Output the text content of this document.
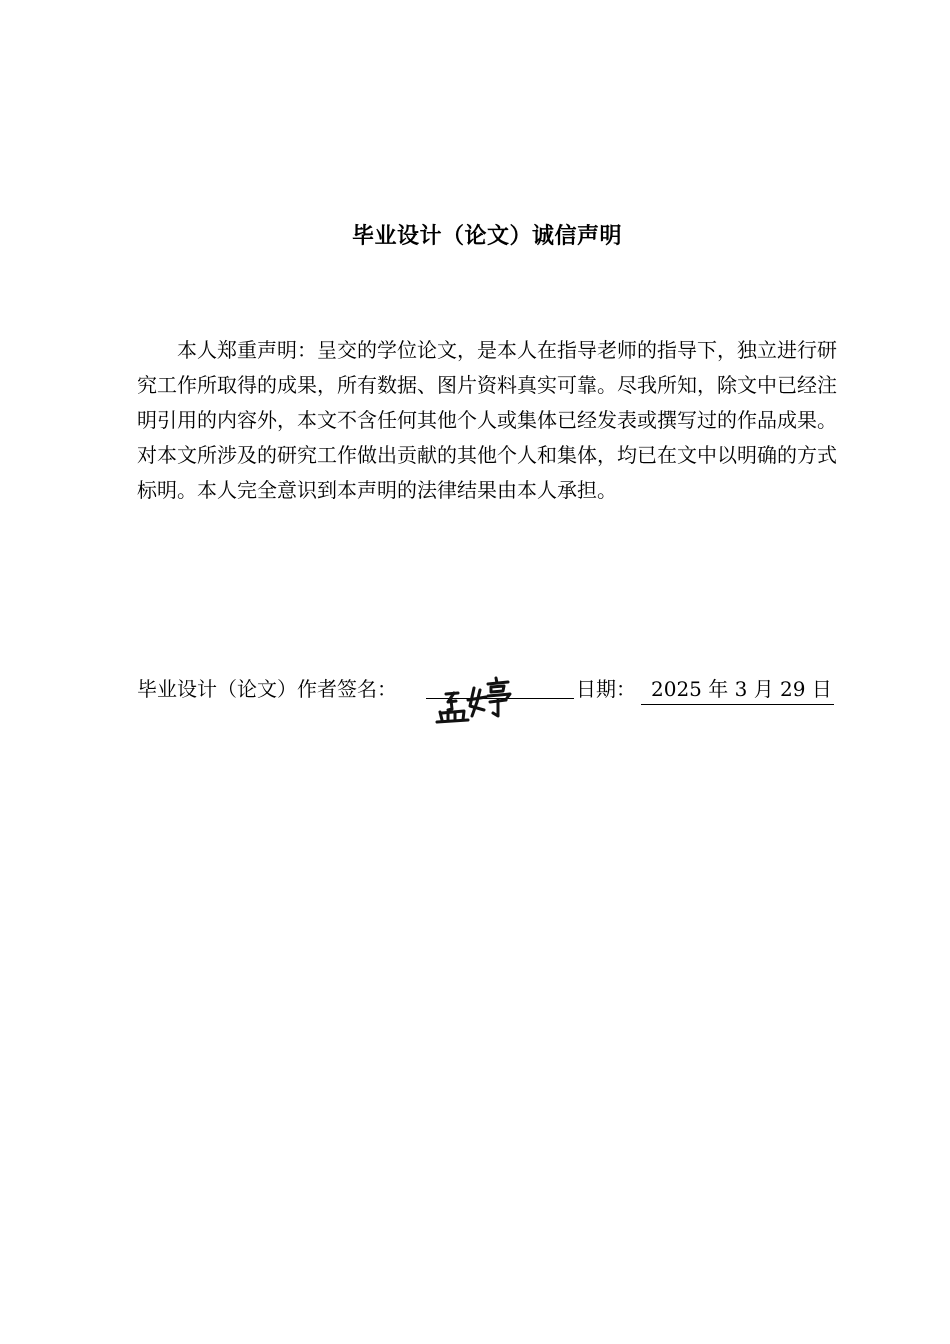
毕业设计（论文）诚信声明

本人郑重声明：呈交的学位论文，是本人在指导老师的指导下，独立进行研究工作所取得的成果，所有数据、图片资料真实可靠。尽我所知，除文中已经注明引用的内容外，本文不含任何其他个人或集体已经发表或撰写过的作品成果。对本文所涉及的研究工作做出贡献的其他个人和集体，均已在文中以明确的方式标明。本人完全意识到本声明的法律结果由本人承担。

毕业设计（论文）作者签名：	日期： 2025 年 3 月 29 日
